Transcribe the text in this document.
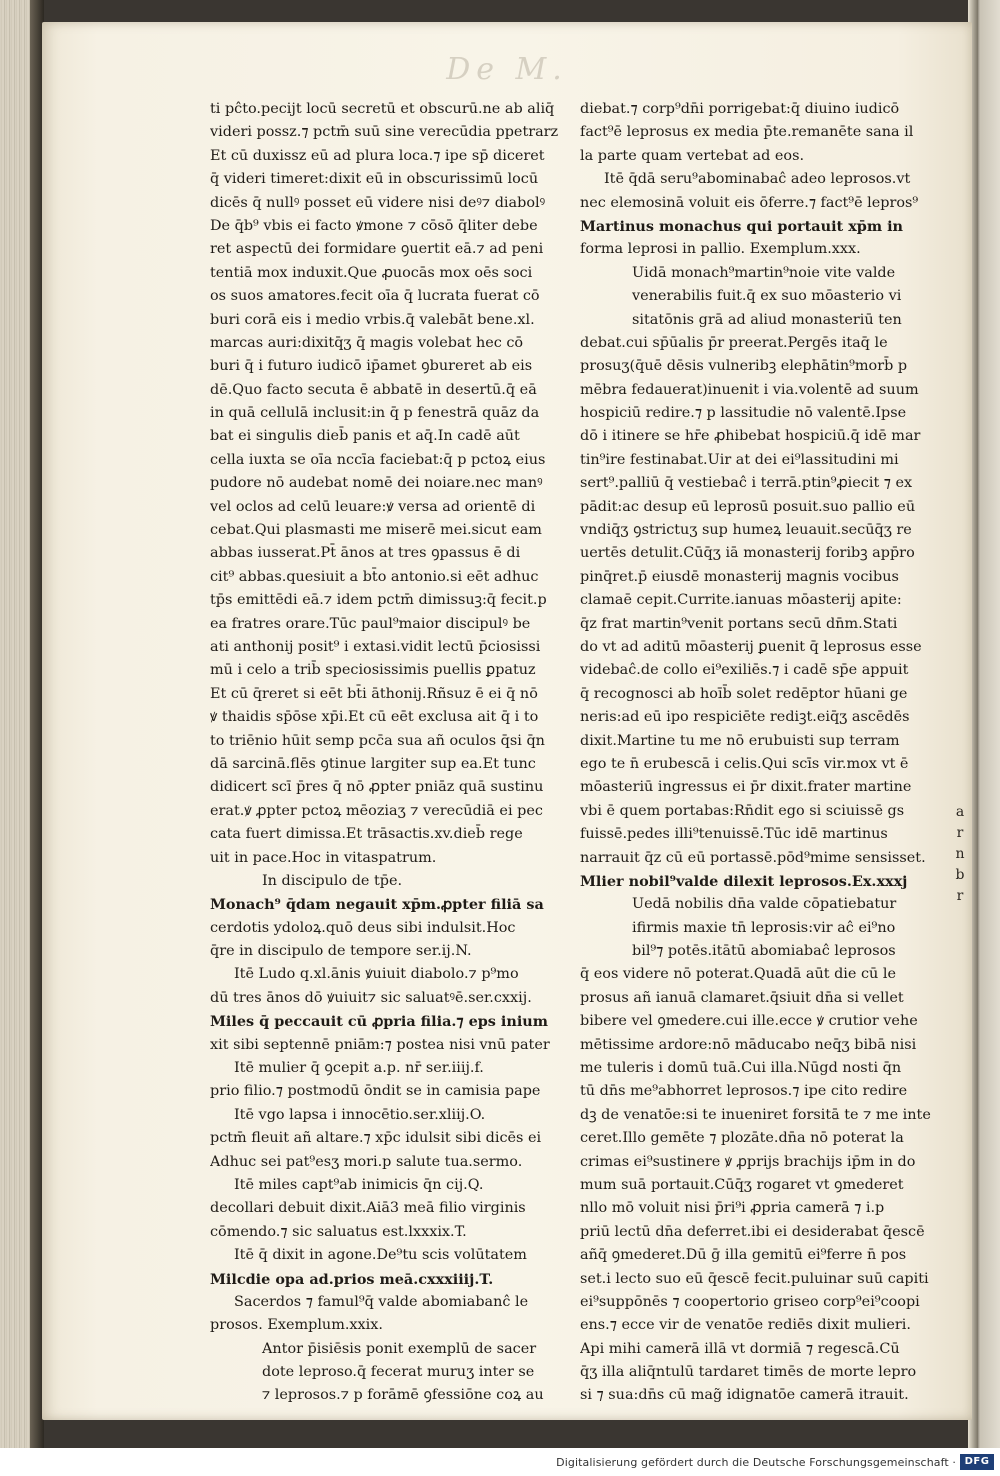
De M.
ti pĉto.pecijt locū secretū et obscurū.ne ab aliq̄
videri possz.⁊ pctm̄ suū sine verecūdia ppetrarz
Et cū duxissz eū ad plura loca.⁊ ipe sp̄ diceret
q̄ videri timeret:dixit eū in obscurissimū locū
dicēs q̄ nullꝰ posset eū videre nisi deꝰ⁊ diabolꝰ
De q̄b⁹ vbis ei facto ꝟmone ⁊ cōsō q̄liter debe
ret aspectū dei formidare ꝯuertit eā.⁊ ad peni
tentiā mox induxit.Que ꝓuocās mox oēs soci
os suos amatores.fecit oīa q̄ lucrata fuerat cō
buri corā eis i medio vrbis.q̄ valebāt bene.xl.
marcas auri:dixitq̄ʒ q̄ magis volebat hec cō
buri q̄ i futuro iudicō ip̄amet ꝯbureret ab eis
dē.Quo facto secuta ē abbatē in desertū.q̄ eā
in quā cellulā inclusit:in q̄ p fenestrā quāz da
bat ei singulis dieb̄ panis et aq̄.In cadē aūt
cella iuxta se oīa nccīa faciebat:q̄ p pctoꝝ eius
pudore nō audebat nomē dei noiare.nec manꝰ
vel oclos ad celū leuare:ꝟ versa ad orientē di
cebat.Qui plasmasti me miserē mei.sicut eam
abbas iusserat.Pt̄ ānos at tres ꝯpassus ē di
cit⁹ abbas.quesiuit a bt̄o antonio.si eēt adhuc
tp̄s emittēdi eā.⁊ idem pctm̄ dimissuꝫ:q̄ fecit.p
ea fratres orare.Tūc paul⁹maior discipulꝰ be
ati anthonij posit⁹ i extasi.vidit lectū p̄ciosissi
mū i celo a trib̄ speciosissimis puellis ꝑpatuz
Et cū q̄reret si eēt bt̄i āthonij.Rñsuz ē ei q̄ nō
ꝟ thaidis sp̄ōse xp̄i.Et cū eēt exclusa ait q̄ i to
to triēnio hūit semp pcc̄a sua añ oculos q̄si q̄n
dā sarcinā.flēs ꝯtinue largiter sup ea.Et tunc
didicert scī p̄res q̄ nō ꝓpter pniāz quā sustinu
erat.ꝟ ꝓpter pctoꝝ mēoziaʒ ⁊ verecūdiā ei pec
cata fuert dimissa.Et trāsactis.xv.dieb̄ rege
uit in pace.Hoc in vitaspatrum.
In discipulo de tp̄e.
Monach⁹ q̄dam negauit xp̄m.ꝓpter filiā sa
cerdotis ydoloꝝ.quō deus sibi indulsit.Hoc
q̄re in discipulo de tempore ser.ij.N.
Itē Ludo q.xl.ānis ꝟuiuit diabolo.⁊ p⁹mo
dū tres ānos dō ꝟuiuit⁊ sic saluatꝰē.ser.cxxij.
Miles q̄ peccauit cū ꝓpria filia.⁊ eps inium
xit sibi septennē pniām:⁊ postea nisi vnū pater
Itē mulier q̄ ꝯcepit a.p. nr̄ ser.iiij.f.
prio filio.⁊ postmodū ōndit se in camisia pape
Itē vgo lapsa i innocētio.ser.xliij.O.
pctm̄ fleuit añ altare.⁊ xp̄c idulsit sibi dicēs ei
Adhuc sei pat⁹esʒ mori.p salute tua.sermo.
Itē miles capt⁹ab inimicis q̄n cij.Q.
decollari debuit dixit.Aiā3 meā filio virginis
cōmendo.⁊ sic saluatus est.lxxxix.T.
Itē q̄ dixit in agone.De⁹tu scis volūtatem
Milcdie opa ad.prios meā.cxxxiiij.T.
Sacerdos ⁊ famul⁹q̄ valde abomiabanĉ le
prosos. Exemplum.xxix.
Antor p̄isiēsis ponit exemplū de sacer
dote leproso.q̄ fecerat muruʒ inter se
⁊ leprosos.⁊ p forāmē ꝯfessiōne coꝝ au
diebat.⁊ corp⁹dn̄i porrigebat:q̄ diuino iudicō
fact⁹ē leprosus ex media p̄te.remanēte sana il
la parte quam vertebat ad eos.
Itē q̄dā seru⁹abominabaĉ adeo leprosos.vt
nec elemosinā voluit eis ōferre.⁊ fact⁹ē lepros⁹
Martinus monachus qui portauit xp̄m in
forma leprosi in pallio. Exemplum.xxx.
Uidā monach⁹martin⁹noie vite valde
venerabilis fuit.q̄ ex suo mōasterio vi
sitatōnis grā ad aliud monasteriū ten
debat.cui sp̄ūalis p̄r preerat.Pergēs itaq̄ le
prosuʒ(q̄uē dēsis vulneribꝫ elephātin⁹morb̄ p
mēbra fedauerat)inuenit i via.volentē ad suum
hospiciū redire.⁊ p lassitudie nō valentē.Ipse
dō i itinere se hr̄e ꝓhibebat hospiciū.q̄ idē mar
tin⁹ire festinabat.Uir at dei ei⁹lassitudini mi
sert⁹.palliū q̄ vestiebaĉ i terrā.ptin⁹ꝓiecit ⁊ ex
pādit:ac desup eū leprosū posuit.suo pallio eū
vndiq̄ʒ ꝯstrictuʒ sup humeꝝ leuauit.secūq̄ʒ re
uertēs detulit.Cūq̄ʒ iā monasterij foribꝫ app̄ro
pinq̄ret.p̄ eiusdē monasterij magnis vocibus
clamaē cepit.Currite.ianuas mōasterij apite:
q̄z frat martin⁹venit portans secū dn̄m.Stati
do vt ad aditū mōasterij ꝑuenit q̄ leprosus esse
videbaĉ.de collo ei⁹exiliēs.⁊ i cadē sp̄e appuit
q̄ recognosci ab hoīb̄ solet redēptor hūani ge
neris:ad eū ipo respiciēte rediꝫt.eiq̄ʒ ascēdēs
dixit.Martine tu me nō erubuisti sup terram
ego te n̄ erubescā i celis.Qui scīs vir.mox vt ē
mōasteriū ingressus ei p̄r dixit.frater martine
vbi ē quem portabas:Rn̄dit ego si sciuissē gs
fuissē.pedes illi⁹tenuissē.Tūc idē martinus
narrauit q̄z cū eū portassē.pōd⁹mime sensisset.
Mlier nobil⁹valde dilexit leprosos.Ex.xxxj
Uedā nobilis dn̄a valde cōpatiebatur
ifirmis maxie tn̄ leprosis:vir aĉ ei⁹no
bil⁹⁊ potēs.itātū abomiabaĉ leprosos
q̄ eos videre nō poterat.Quadā aūt die cū le
prosus añ ianuā clamaret.q̄siuit dn̄a si vellet
bibere vel ꝯmedere.cui ille.ecce ꝟ crutior vehe
mētissime ardore:nō māducabo neq̄ʒ bibā nisi
me tuleris i domū tuā.Cui illa.Nūgd nosti q̄n
tū dn̄s me⁹abhorret leprosos.⁊ ipe cito redire
dꝫ de venatōe:si te inueniret forsitā te ⁊ me inte
ceret.Illo gemēte ⁊ plozāte.dn̄a nō poterat la
crimas ei⁹sustinere ꝟ ꝓprijs brachijs ip̄m in do
mum suā portauit.Cūq̄ʒ rogaret vt ꝯmederet
nllo mō voluit nisi p̄ri⁹i ꝓpria camerā ⁊ i.p
priū lectū dn̄a deferret.ibi ei desiderabat q̄escē
añq̄ ꝯmederet.Dū ḡ illa gemitū ei⁹ferre n̄ pos
set.i lecto suo eū q̄escē fecit.puluinar suū capiti
ei⁹suppōnēs ⁊ coopertorio griseo corp⁹ei⁹coopi
ens.⁊ ecce vir de venatōe rediēs dixit mulieri.
Api mihi camerā illā vt dormiā ⁊ regescā.Cū
q̄ʒ illa aliq̄ntulū tardaret timēs de morte lepro
si ⁊ sua:dn̄s cū mag̃ idignatōe camerā itrauit.
a
r
n
b
r
Digitalisierung gefördert durch die Deutsche Forschungsgemeinschaft · DFG
